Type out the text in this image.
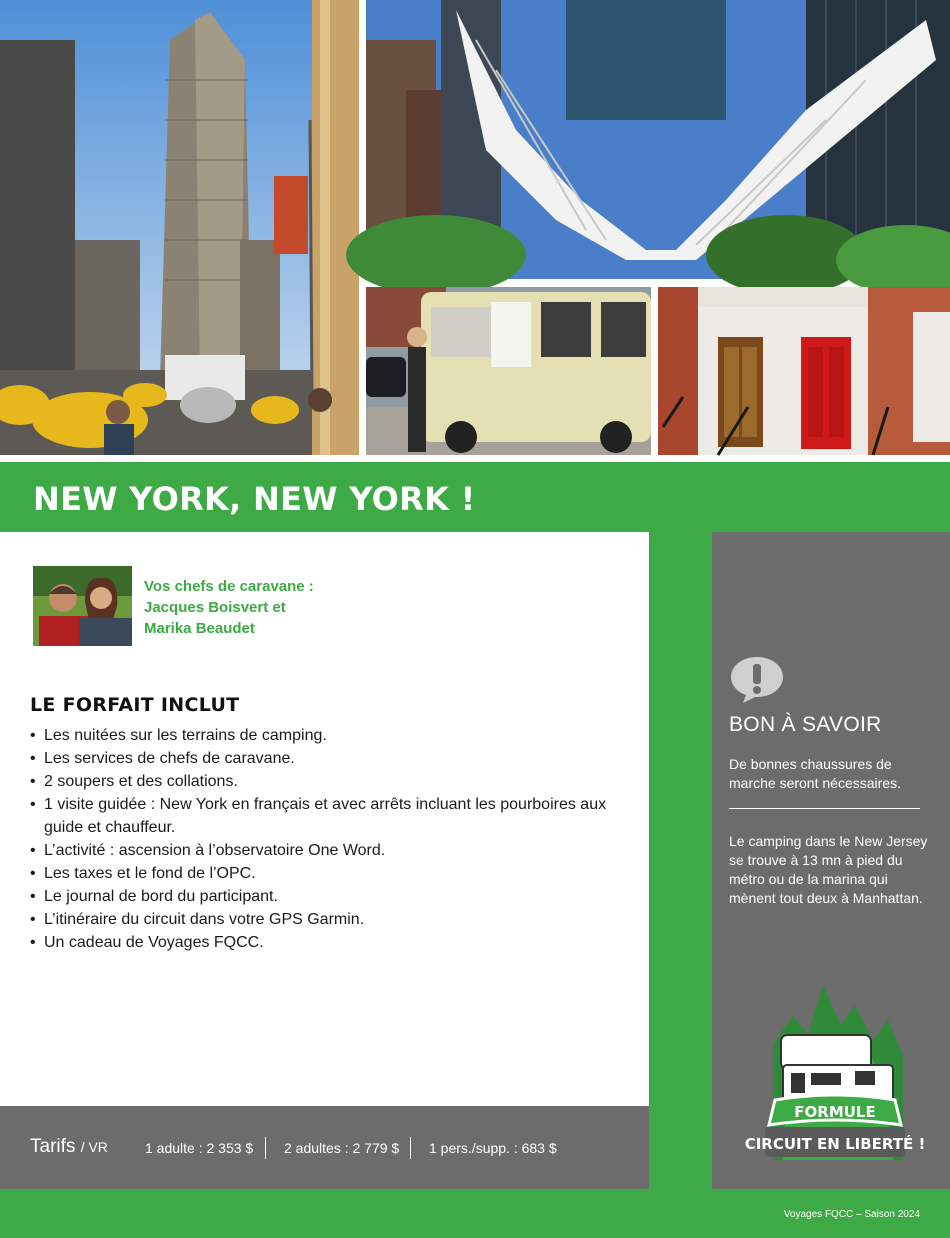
NEW YORK, NEW YORK !
Vos chefs de caravane :
Jacques Boisvert et
Marika Beaudet
LE FORFAIT INCLUT
• Les nuitées sur les terrains de camping.
• Les services de chefs de caravane.
• 2 soupers et des collations.
• 1 visite guidée : New York en français et avec arrêts incluant les pourboires aux guide et chauffeur.
• L’activité : ascension à l’observatoire One Word.
• Les taxes et le fond de l’OPC.
• Le journal de bord du participant.
• L’itinéraire du circuit dans votre GPS Garmin.
• Un cadeau de Voyages FQCC.
Tarifs / VR	1 adulte : 2 353 $ 2 adultes : 2 779 $ 1 pers./supp. : 683 $
BON À SAVOIR
De bonnes chaussures de marche seront nécessaires.
Le camping dans le New Jersey se trouve à 13 mn à pied du métro ou de la marina qui mènent tout deux à Manhattan.
FORMULE
CIRCUIT EN LIBERTÉ !
Voyages FQCC – Saison 2024
